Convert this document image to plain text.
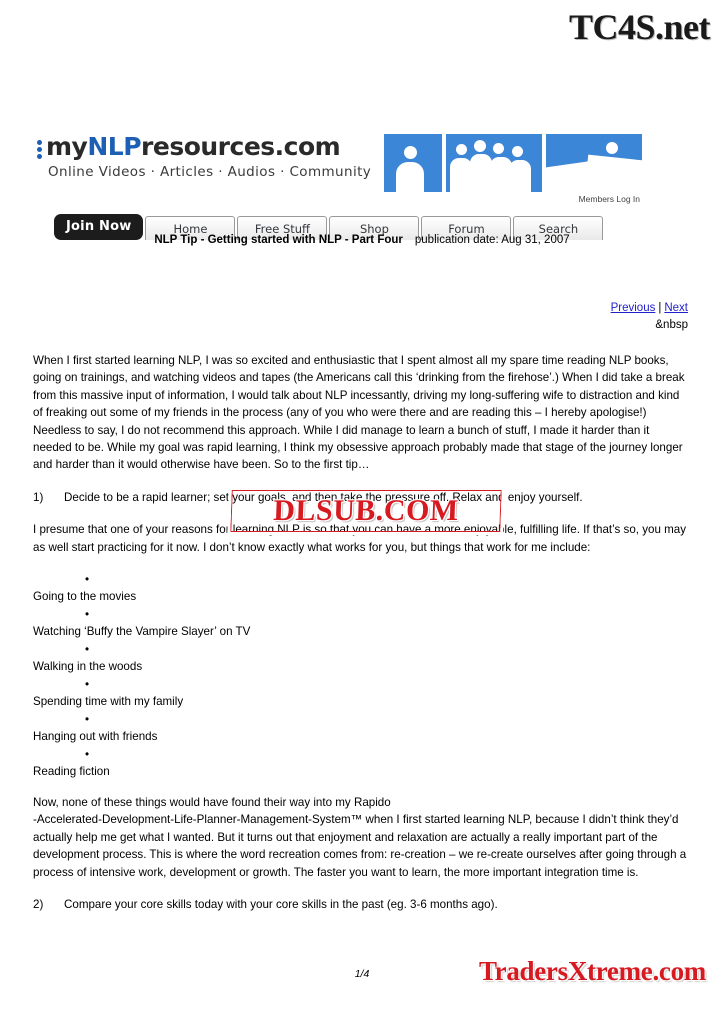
TC4S.net
myNLPresources.com
Online Videos · Articles · Audios · Community
Members Log In
Join Now	Home	Free Stuff	Shop	Forum	Search
NLP Tip - Getting started with NLP - Part Four publication date: Aug 31, 2007
Previous | Next
&nbsp

When I first started learning NLP, I was so excited and enthusiastic that I spent almost all my spare time reading NLP books, going on trainings, and watching videos and tapes (the Americans call this ‘drinking from the firehose’.) When I did take a break from this massive input of information, I would talk about NLP incessantly, driving my long-suffering wife to distraction and kind of freaking out some of my friends in the process (any of you who were there and are reading this – I hereby apologise!) Needless to say, I do not recommend this approach. While I did manage to learn a bunch of stuff, I made it harder than it needed to be. While my goal was rapid learning, I think my obsessive approach probably made that stage of the journey longer and harder than it would otherwise have been. So to the first tip…

1) Decide to be a rapid learner; set your goals, and then take the pressure off. Relax and enjoy yourself.

I presume that one of your reasons for learning NLP is so that you can have a more enjoyable, fulfilling life. If that’s so, you may as well start practicing for it now. I don’t know exactly what works for you, but things that work for me include:

•
Going to the movies
•
Watching ‘Buffy the Vampire Slayer’ on TV
•
Walking in the woods
•
Spending time with my family
•
Hanging out with friends
•
Reading fiction

Now, none of these things would have found their way into my Rapido

-Accelerated-Development-Life-Planner-Management-System™ when I first started learning NLP, because I didn’t think they’d actually help me get what I wanted. But it turns out that enjoyment and relaxation are actually a really important part of the development process. This is where the word recreation comes from: re-creation – we re-create ourselves after going through a process of intensive work, development or growth. The faster you want to learn, the more important integration time is.

2) Compare your core skills today with your core skills in the past (eg. 3-6 months ago).
DLSUB.COM
1/4	TradersXtreme.com
